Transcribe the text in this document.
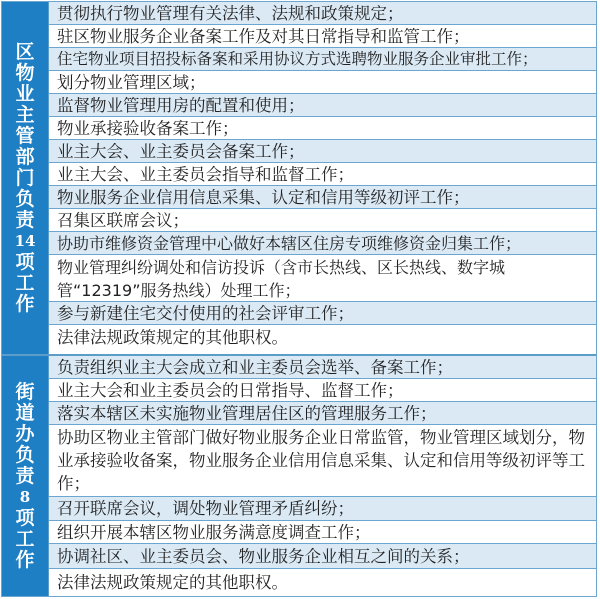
区
物
业
主
管
部
门
负
责
14
项
工
作
贯彻执行物业管理有关法律、法规和政策规定；
驻区物业服务企业备案工作及对其日常指导和监管工作；
住宅物业项目招投标备案和采用协议方式选聘物业服务企业审批工作；
划分物业管理区域；
监督物业管理用房的配置和使用；
物业承接验收备案工作；
业主大会、业主委员会备案工作；
业主大会、业主委员会指导和监督工作；
物业服务企业信用信息采集、认定和信用等级初评工作；
召集区联席会议；
协助市维修资金管理中心做好本辖区住房专项维修资金归集工作；
物业管理纠纷调处和信访投诉（含市长热线、区长热线、数字城管“12319”服务热线）处理工作；
参与新建住宅交付使用的社会评审工作；
法律法规政策规定的其他职权。
街
道
办
负
责
8
项
工
作
负责组织业主大会成立和业主委员会选举、备案工作；
业主大会和业主委员会的日常指导、监督工作；
落实本辖区未实施物业管理居住区的管理服务工作；
协助区物业主管部门做好物业服务企业日常监管，物业管理区域划分，物业承接验收备案，物业服务企业信用信息采集、认定和信用等级初评等工作；
召开联席会议，调处物业管理矛盾纠纷；
组织开展本辖区物业服务满意度调查工作；
协调社区、业主委员会、物业服务企业相互之间的关系；
法律法规政策规定的其他职权。
